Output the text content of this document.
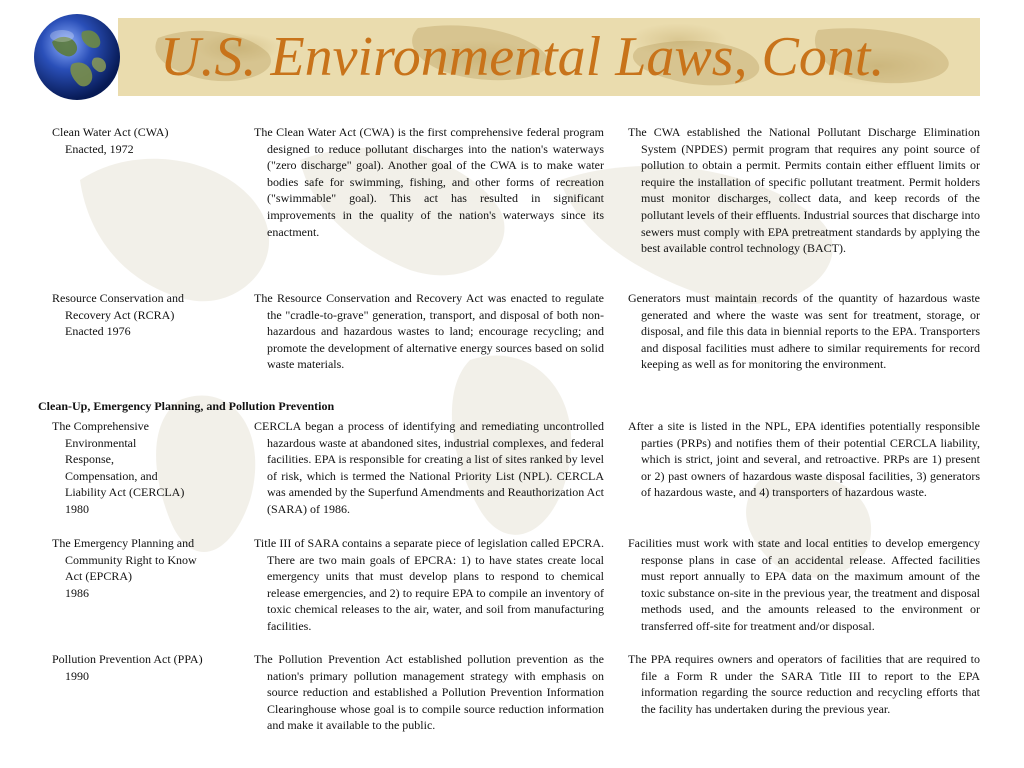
U.S. Environmental Laws, Cont.
Clean Water Act (CWA)
Enacted, 1972
The Clean Water Act (CWA) is the first comprehensive federal program designed to reduce pollutant discharges into the nation's waterways ("zero discharge" goal). Another goal of the CWA is to make water bodies safe for swimming, fishing, and other forms of recreation ("swimmable" goal). This act has resulted in significant improvements in the quality of the nation's waterways since its enactment.
The CWA established the National Pollutant Discharge Elimination System (NPDES) permit program that requires any point source of pollution to obtain a permit. Permits contain either effluent limits or require the installation of specific pollutant treatment. Permit holders must monitor discharges, collect data, and keep records of the pollutant levels of their effluents. Industrial sources that discharge into sewers must comply with EPA pretreatment standards by applying the best available control technology (BACT).
Resource Conservation and Recovery Act (RCRA)
Enacted 1976
The Resource Conservation and Recovery Act was enacted to regulate the "cradle-to-grave" generation, transport, and disposal of both non-hazardous and hazardous wastes to land; encourage recycling; and promote the development of alternative energy sources based on solid waste materials.
Generators must maintain records of the quantity of hazardous waste generated and where the waste was sent for treatment, storage, or disposal, and file this data in biennial reports to the EPA. Transporters and disposal facilities must adhere to similar requirements for record keeping as well as for monitoring the environment.
Clean-Up, Emergency Planning, and Pollution Prevention
The Comprehensive Environmental Response, Compensation, and Liability Act (CERCLA)
1980
CERCLA began a process of identifying and remediating uncontrolled hazardous waste at abandoned sites, industrial complexes, and federal facilities. EPA is responsible for creating a list of sites ranked by level of risk, which is termed the National Priority List (NPL). CERCLA was amended by the Superfund Amendments and Reauthorization Act (SARA) of 1986.
After a site is listed in the NPL, EPA identifies potentially responsible parties (PRPs) and notifies them of their potential CERCLA liability, which is strict, joint and several, and retroactive. PRPs are 1) present or 2) past owners of hazardous waste disposal facilities, 3) generators of hazardous waste, and 4) transporters of hazardous waste.
The Emergency Planning and Community Right to Know Act (EPCRA)
1986
Title III of SARA contains a separate piece of legislation called EPCRA. There are two main goals of EPCRA: 1) to have states create local emergency units that must develop plans to respond to chemical release emergencies, and 2) to require EPA to compile an inventory of toxic chemical releases to the air, water, and soil from manufacturing facilities.
Facilities must work with state and local entities to develop emergency response plans in case of an accidental release. Affected facilities must report annually to EPA data on the maximum amount of the toxic substance on-site in the previous year, the treatment and disposal methods used, and the amounts released to the environment or transferred off-site for treatment and/or disposal.
Pollution Prevention Act (PPA)
1990
The Pollution Prevention Act established pollution prevention as the nation's primary pollution management strategy with emphasis on source reduction and established a Pollution Prevention Information Clearinghouse whose goal is to compile source reduction information and make it available to the public.
The PPA requires owners and operators of facilities that are required to file a Form R under the SARA Title III to report to the EPA information regarding the source reduction and recycling efforts that the facility has undertaken during the previous year.
